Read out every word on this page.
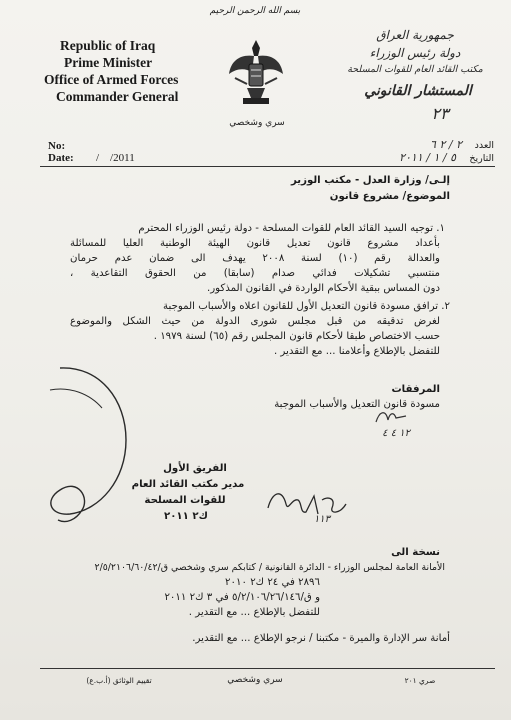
بسم الله الرحمن الرحيم
Republic of Iraq
Prime Minister
Office of Armed Forces
Commander General
سري وشخصي
جمهورية العراق
دولة رئيس الوزراء
مكتب القائد العام للقوات المسلحة
المستشار القانوني
٢٣
No:
Date: /    /2011
العدد
٢ / ٢ ٦
التاريخ
٥ / ١ / ٢٠١١
إلـى/ وزارة العدل - مكتب الوزير
الموضوع/ مشروع قانون
١. توجيه السيد القائد العام للقوات المسلحة - دولة رئيس الوزراء المحترم
بأعداد مشروع قانون تعديل قانون الهيئة الوطنية العليا للمسائلة
والعدالة رقم (١٠) لسنة ٢٠٠٨ يهدف الى ضمان عدم حرمان
منتسبي تشكيلات فدائي صدام (سابقا) من الحقوق التقاعدية ،
دون المساس ببقية الأحكام الواردة في القانون المذكور.
٢. ترافق مسودة قانون التعديل الأول للقانون اعلاه والأسباب الموجبة
لغرض تدقيقه من قبل مجلس شورى الدولة من حيث الشكل والموضوع
حسب الاختصاص طبقا لأحكام قانون المجلس رقم (٦٥) لسنة ١٩٧٩ .
للتفضل بالإطلاع وأعلامنا ... مع التقدير .
المرفقات
مسودة قانون التعديل والأسباب الموجبة
١٢ ٤ ٤
الفريق الأول
مدير مكتب القائد العام
للقوات المسلحة
ك٢ ٢٠١١	١١٣
نسخة الى
الأمانة العامة لمجلس الوزراء - الدائرة القانونية / كتابكم سري وشخصي ق/٢/٥/٢١٠٦/٦٠/٤٢
٢٨٩٦ في ٢٤ ك٢ ٢٠١٠
و ق/٥/٢/١٠٦/٢٦/١٤٦ في ٣ ك٢ ٢٠١١
للتفضل بالإطلاع ... مع التقدير .
أمانة سر الإدارة والميرة - مكتبنا / نرجو الإطلاع ... مع التقدير.
تقييم الوثائق (أ.ب.ع)	سري وشخصي	صري ٢٠١
